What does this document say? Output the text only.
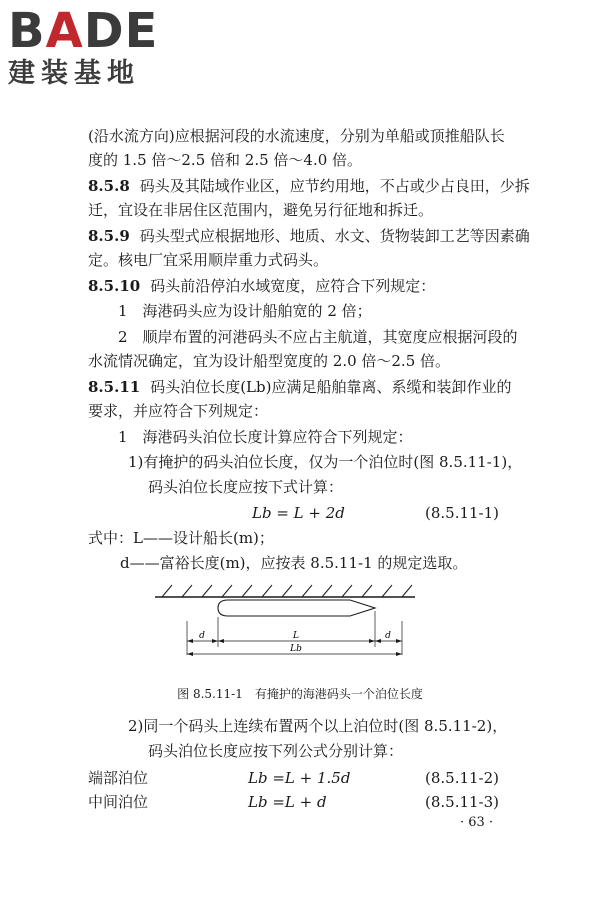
BADE
建装基地
(沿水流方向)应根据河段的水流速度，分别为单船或顶推船队长
度的 1.5 倍～2.5 倍和 2.5 倍～4.0 倍。
8.5.8 码头及其陆域作业区，应节约用地，不占或少占良田，少拆
迁，宜设在非居住区范围内，避免另行征地和拆迁。
8.5.9 码头型式应根据地形、地质、水文、货物装卸工艺等因素确
定。核电厂宜采用顺岸重力式码头。
8.5.10 码头前沿停泊水域宽度，应符合下列规定：
1　海港码头应为设计船舶宽的 2 倍；
2　顺岸布置的河港码头不应占主航道，其宽度应根据河段的
水流情况确定，宜为设计船型宽度的 2.0 倍～2.5 倍。
8.5.11 码头泊位长度(Lb)应满足船舶靠离、系缆和装卸作业的
要求，并应符合下列规定：
1　海港码头泊位长度计算应符合下列规定：
1)有掩护的码头泊位长度，仅为一个泊位时(图 8.5.11-1)，
码头泊位长度应按下式计算：
Lb = L + 2d	(8.5.11-1)
式中：L——设计船长(m)；
d——富裕长度(m)，应按表 8.5.11-1 的规定选取。
d	L	d
Lb
图 8.5.11-1　有掩护的海港码头一个泊位长度
2)同一个码头上连续布置两个以上泊位时(图 8.5.11-2)，
码头泊位长度应按下列公式分别计算：
端部泊位	Lb =L + 1.5d	(8.5.11-2)
中间泊位	Lb =L + d	(8.5.11-3)
· 63 ·
